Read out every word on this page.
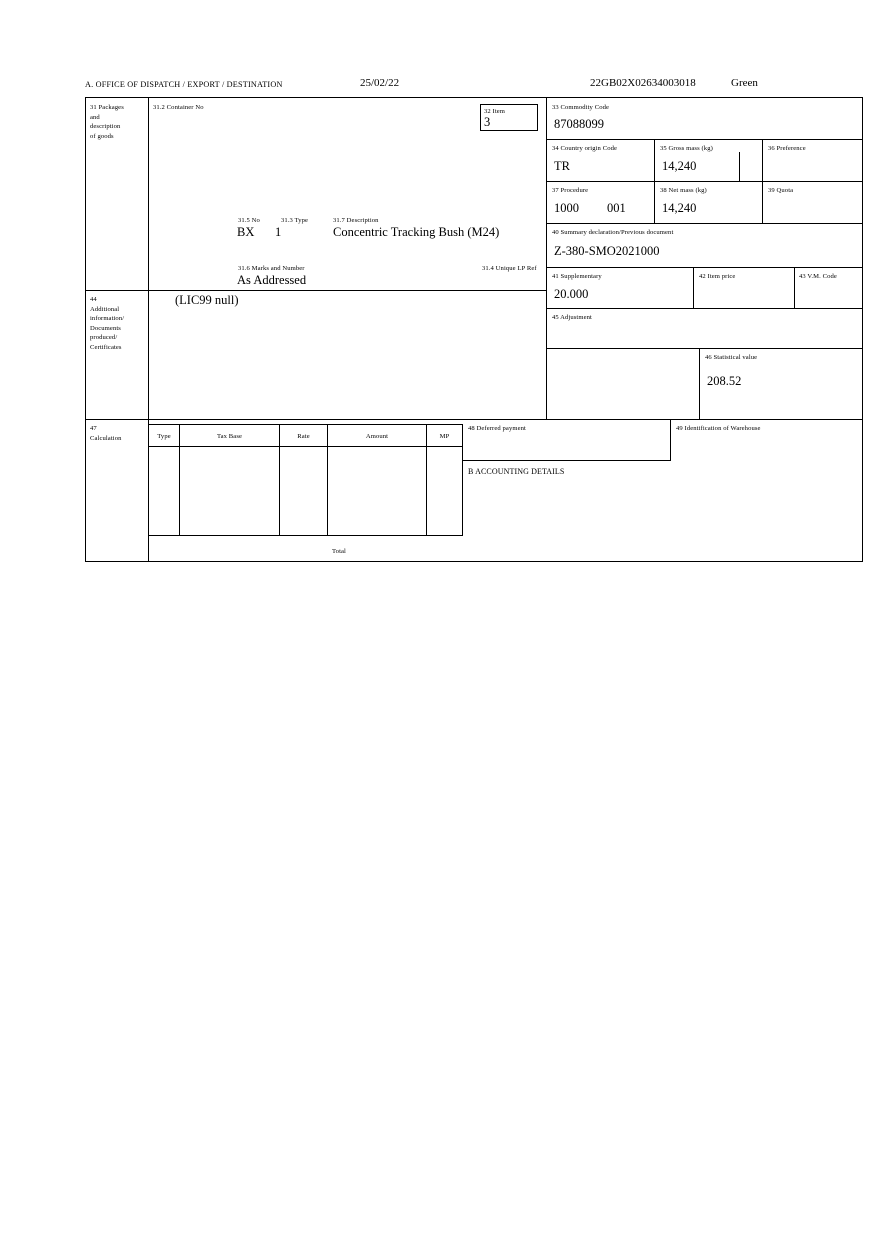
A. OFFICE OF DISPATCH / EXPORT / DESTINATION	25/02/22	22GB02X02634003018	Green
31 Packages
and
description
of goods
31.2 Container No
31.5 No	31.3 Type	31.7 Description
BX 1	Concentric Tracking Bush (M24)
31.6 Marks and Number	31.4 Unique LP Ref
As Addressed
32 Item
3
33 Commodity Code
87088099
34 Country origin Code
TR
35 Gross mass (kg)
14,240
36 Preference
37 Procedure
1000 001
38 Net mass (kg)
14,240
39 Quota
40 Summary declaration/Previous document
Z-380-SMO2021000
41 Supplementary
20.000
42 Item price	43 V.M. Code
45 Adjustment
46 Statistical value
208.52
44
Additional
information/
Documents
produced/
Certificates
(LIC99 null)
47
Calculation	Type	Tax Base	Rate	Amount	MP
Total
48 Deferred payment	49 Identification of Warehouse
B ACCOUNTING DETAILS
